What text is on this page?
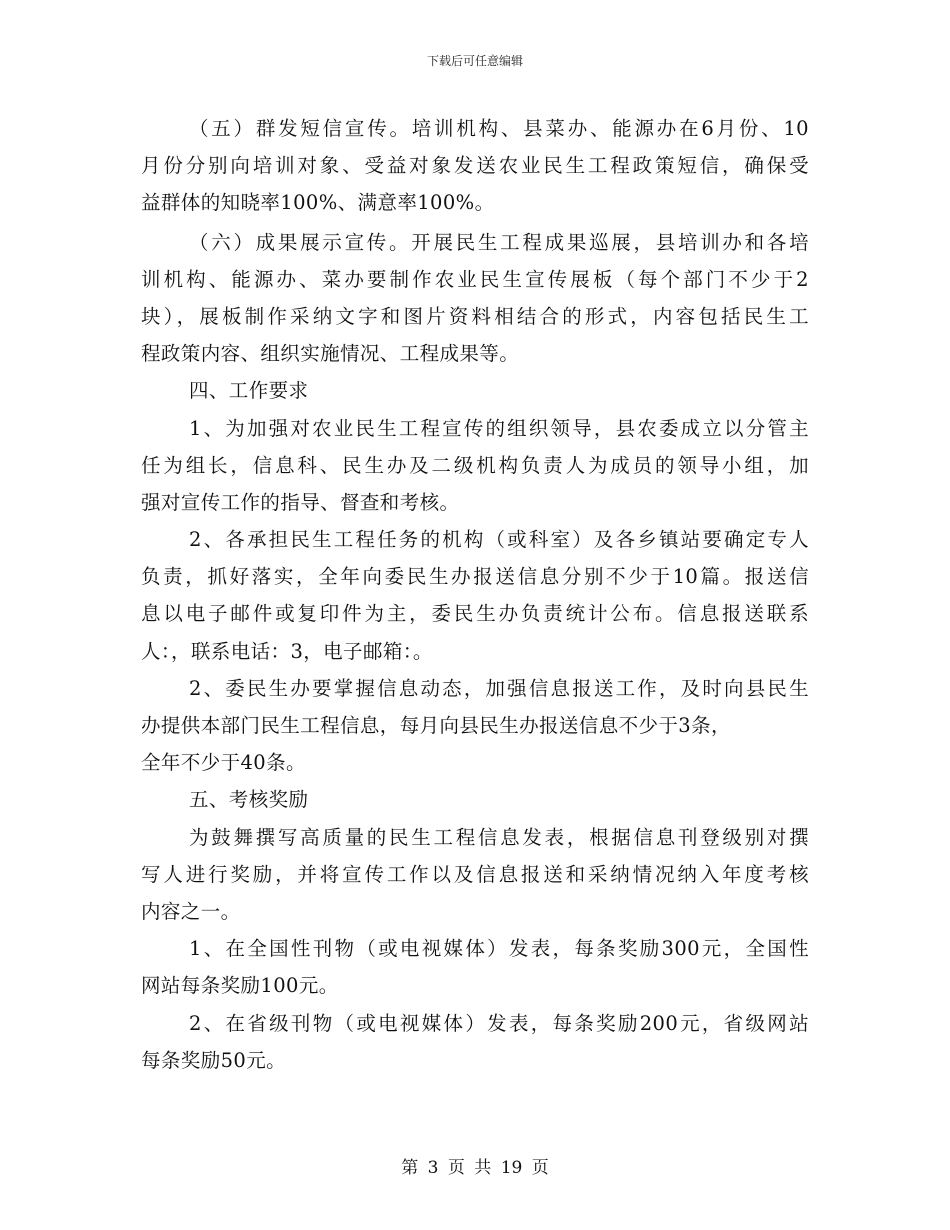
下载后可任意编辑
（五）群发短信宣传。培训机构、县菜办、能源办在6月份、10
月份分别向培训对象、受益对象发送农业民生工程政策短信，确保受
益群体的知晓率100%、满意率100%。
（六）成果展示宣传。开展民生工程成果巡展，县培训办和各培
训机构、能源办、菜办要制作农业民生宣传展板（每个部门不少于2
块），展板制作采纳文字和图片资料相结合的形式，内容包括民生工
程政策内容、组织实施情况、工程成果等。
四、工作要求
1、为加强对农业民生工程宣传的组织领导，县农委成立以分管主
任为组长，信息科、民生办及二级机构负责人为成员的领导小组，加
强对宣传工作的指导、督查和考核。
2、各承担民生工程任务的机构（或科室）及各乡镇站要确定专人
负责，抓好落实，全年向委民生办报送信息分别不少于10篇。报送信
息以电子邮件或复印件为主，委民生办负责统计公布。信息报送联系
人：，联系电话：3，电子邮箱：。
2、委民生办要掌握信息动态，加强信息报送工作，及时向县民生
办提供本部门民生工程信息，每月向县民生办报送信息不少于3条，
全年不少于40条。
五、考核奖励
为鼓舞撰写高质量的民生工程信息发表，根据信息刊登级别对撰
写人进行奖励，并将宣传工作以及信息报送和采纳情况纳入年度考核
内容之一。
1、在全国性刊物（或电视媒体）发表，每条奖励300元，全国性
网站每条奖励100元。
2、在省级刊物（或电视媒体）发表，每条奖励200元，省级网站
每条奖励50元。
第 3 页 共 19 页
